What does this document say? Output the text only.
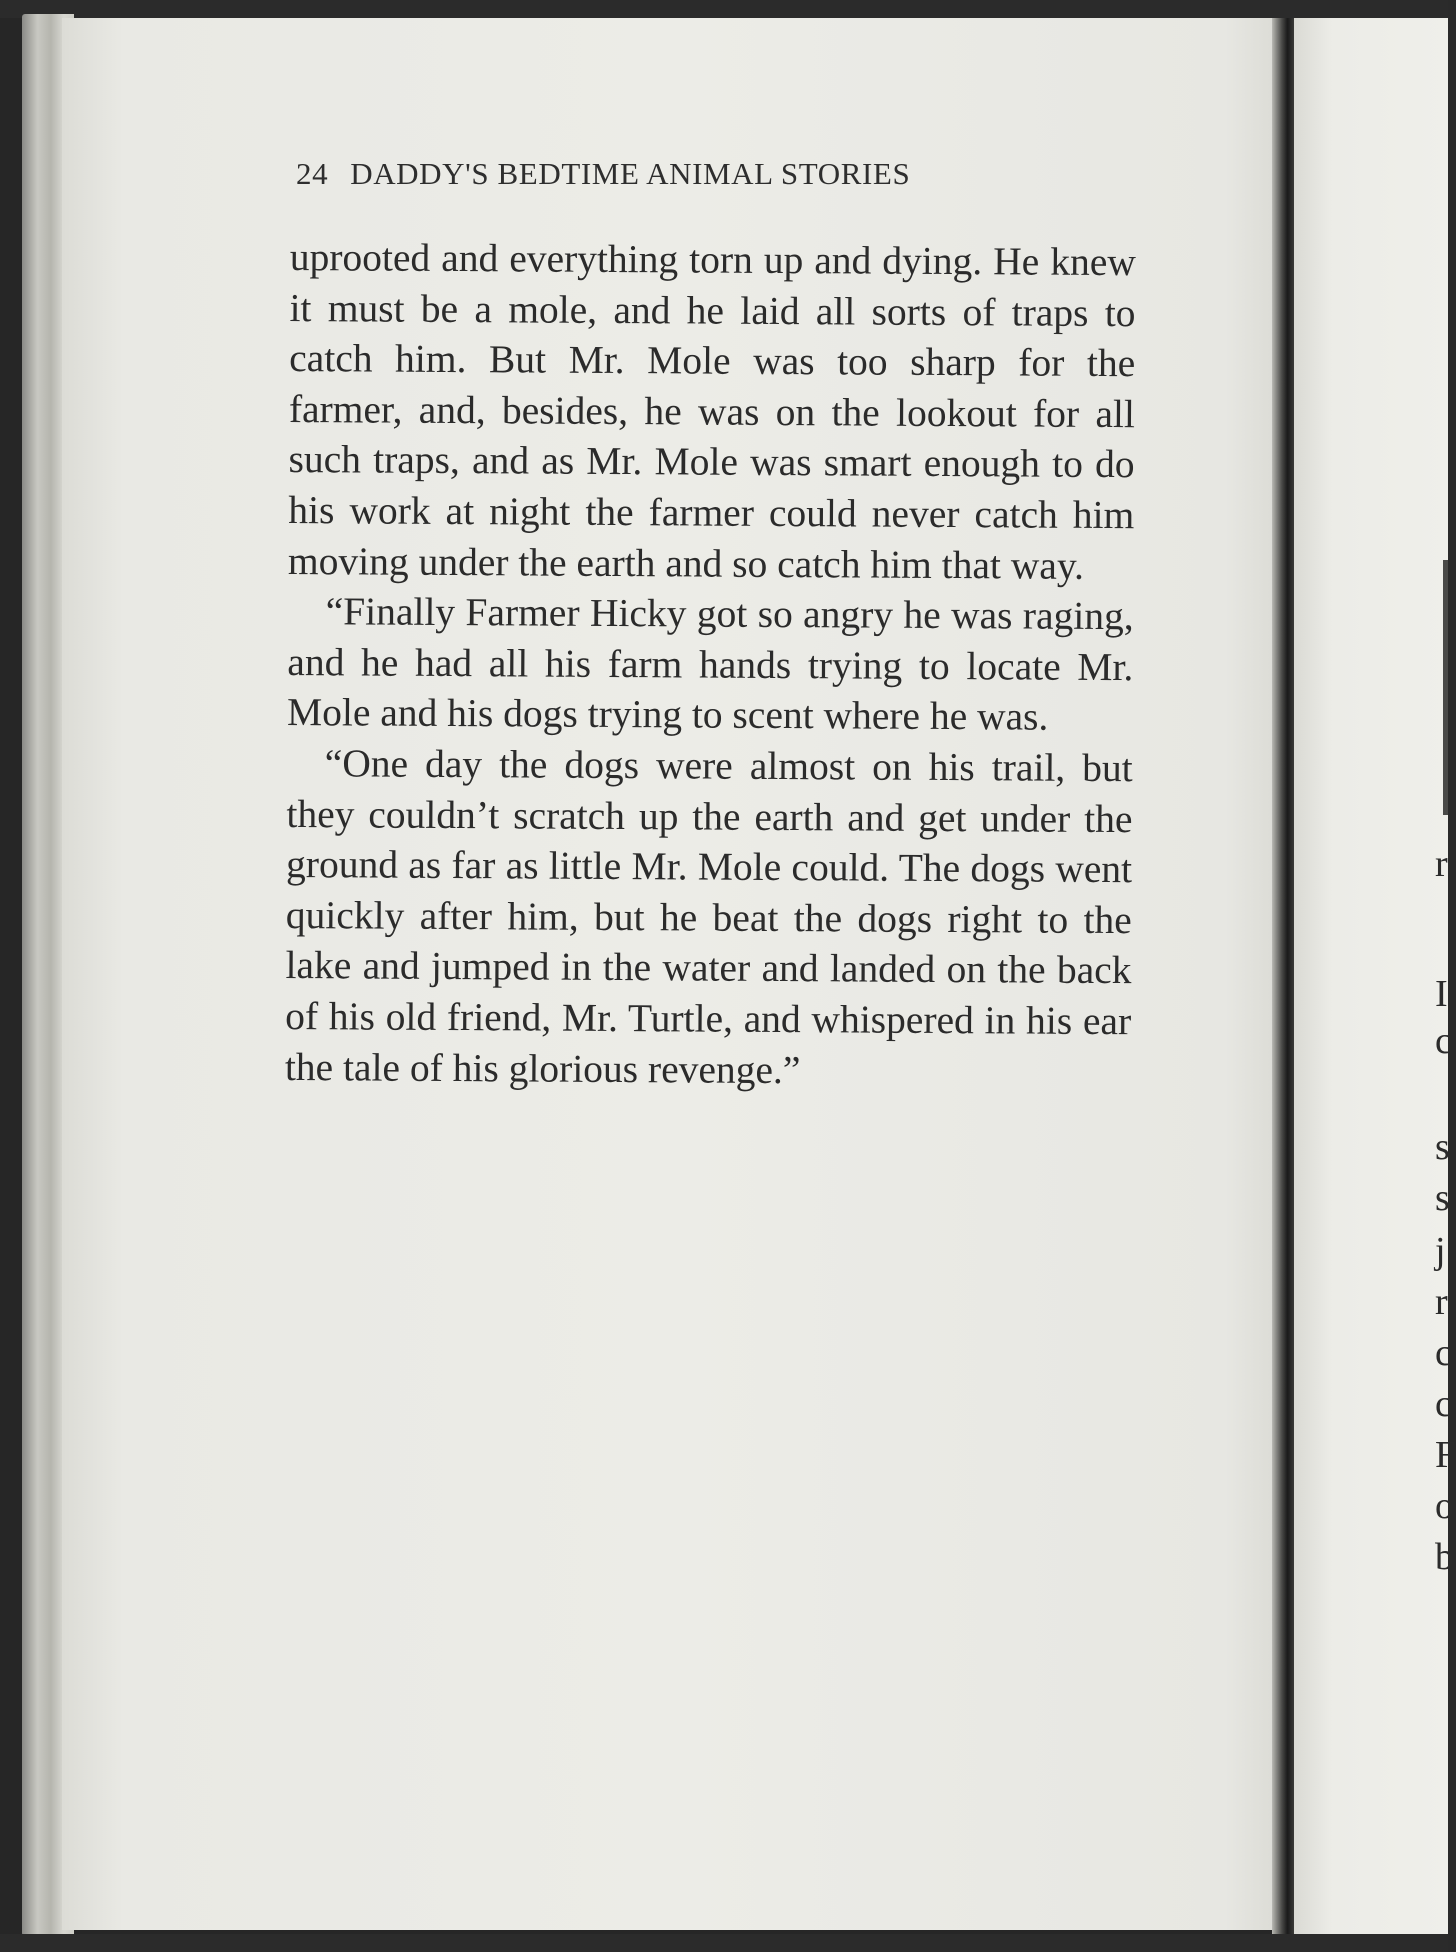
24 DADDY'S BEDTIME ANIMAL STORIES

uprooted and everything torn up and dying. He knew it must be a mole, and he laid all sorts of traps to catch him. But Mr. Mole was too sharp for the farmer, and, besides, he was on the lookout for all such traps, and as Mr. Mole was smart enough to do his work at night the farmer could never catch him moving under the earth and so catch him that way.

“Finally Farmer Hicky got so angry he was raging, and he had all his farm hands trying to locate Mr. Mole and his dogs trying to scent where he was.

“One day the dogs were almost on his trail, but they couldn’t scratch up the earth and get under the ground as far as little Mr. Mole could. The dogs went quickly after him, but he beat the dogs right to the lake and jumped in the water and landed on the back of his old friend, Mr. Turtle, and whispered in his ear the tale of his glorious revenge.”

r
I
c
s
s
j
r
c
c
F
o
b
